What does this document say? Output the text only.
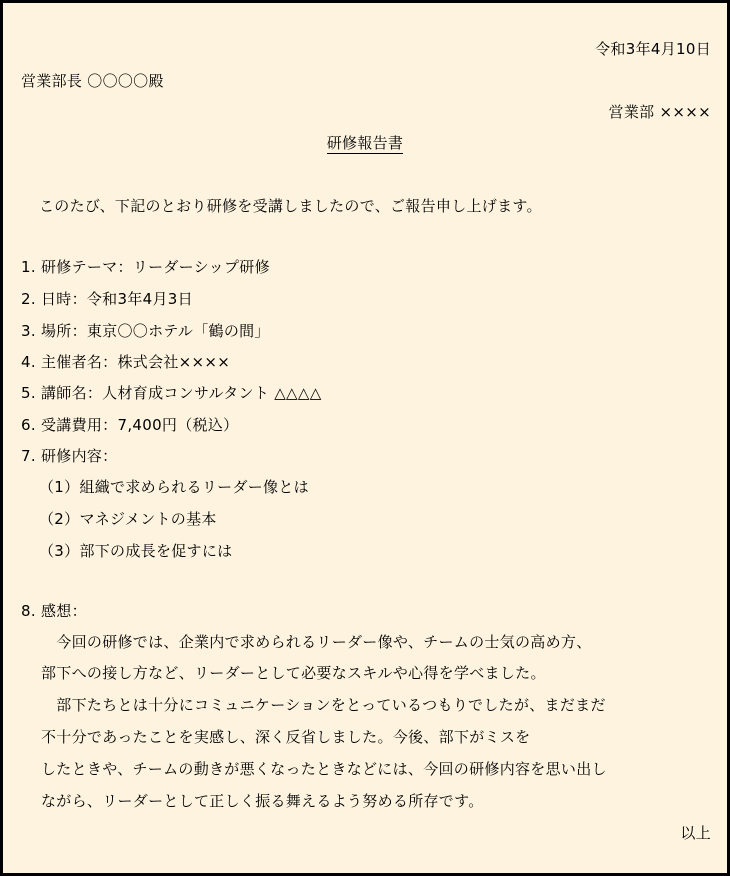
令和3年4月10日
営業部長 〇〇〇〇殿
営業部 ××××
研修報告書
このたび、下記のとおり研修を受講しましたので、ご報告申し上げます。
1. 研修テーマ：リーダーシップ研修
2. 日時：令和3年4月3日
3. 場所：東京〇〇ホテル「鶴の間」
4. 主催者名：株式会社××××
5. 講師名：人材育成コンサルタント △△△△
6. 受講費用：7,400円（税込）
7. 研修内容：
（1）組織で求められるリーダー像とは
（2）マネジメントの基本
（3）部下の成長を促すには
8. 感想：
　今回の研修では、企業内で求められるリーダー像や、チームの士気の高め方、
部下への接し方など、リーダーとして必要なスキルや心得を学べました。
　部下たちとは十分にコミュニケーションをとっているつもりでしたが、まだまだ
不十分であったことを実感し、深く反省しました。今後、部下がミスを
したときや、チームの動きが悪くなったときなどには、今回の研修内容を思い出し
ながら、リーダーとして正しく振る舞えるよう努める所存です。
以上
